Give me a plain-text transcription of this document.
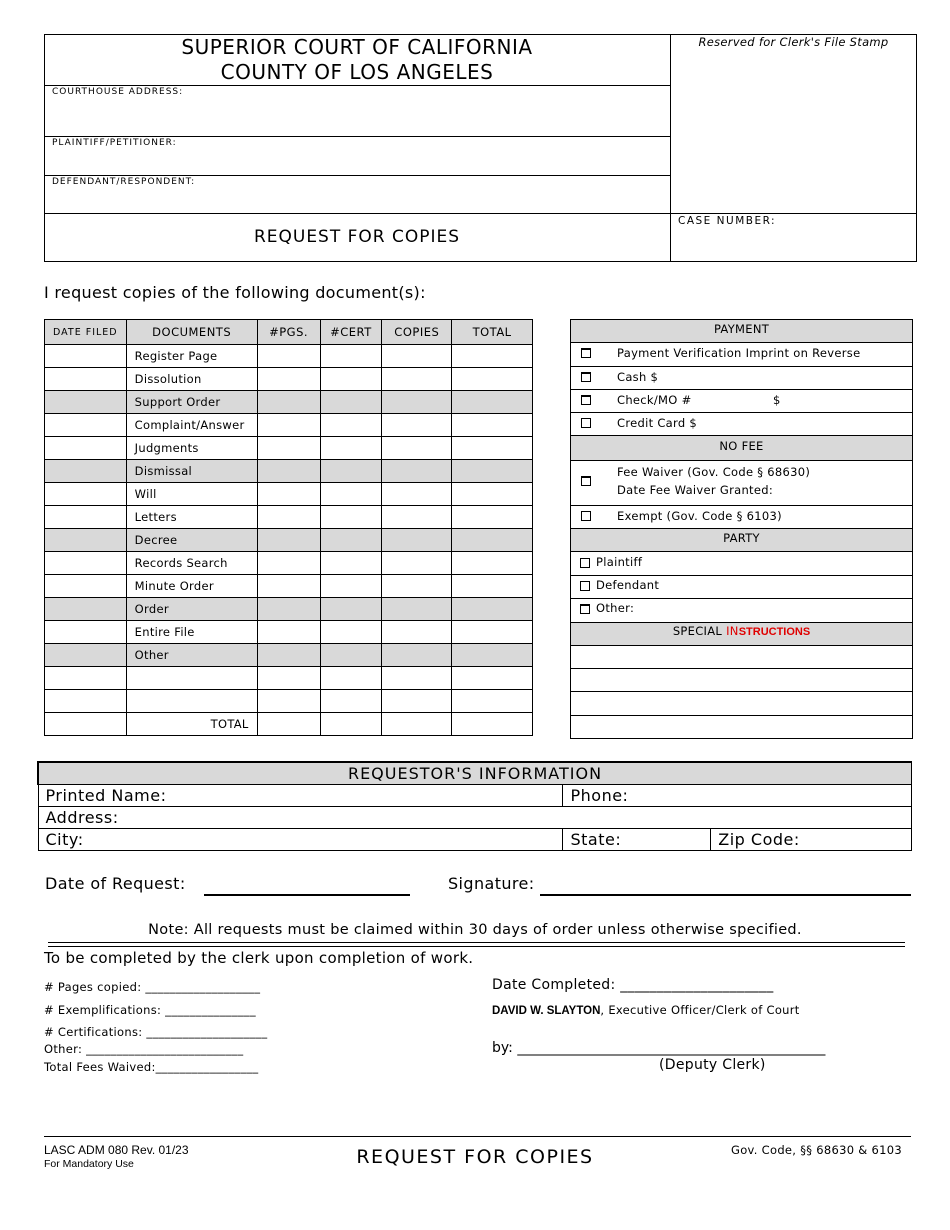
SUPERIOR COURT OF CALIFORNIA
COUNTY OF LOS ANGELES
Reserved for Clerk's File Stamp
COURTHOUSE ADDRESS:
PLAINTIFF/PETITIONER:
DEFENDANT/RESPONDENT:
REQUEST FOR COPIES
CASE NUMBER:
I request copies of the following document(s):
DATE FILED	DOCUMENTS	#PGS.	#CERT	COPIES	TOTAL
	Register Page				
	Dissolution				
	Support Order				
	Complaint/Answer				
	Judgments				
	Dismissal				
	Will				
	Letters				
	Decree				
	Records Search				
	Minute Order				
	Order				
	Entire File				
	Other				

	TOTAL				
PAYMENT
Payment Verification Imprint on Reverse
Cash $
Check/MO #	$
Credit Card $
NO FEE
Fee Waiver (Gov. Code § 68630)
Date Fee Waiver Granted:
Exempt (Gov. Code § 6103)
PARTY
Plaintiff
Defendant
Other:
SPECIAL INSTRUCTIONS
REQUESTOR'S INFORMATION		
Printed Name:	Phone:	
Address:		
City:	State:	Zip Code:
Date of Request:	Signature:
Note: All requests must be claimed within 30 days of order unless otherwise specified.
To be completed by the clerk upon completion of work.
# Pages copied: ___________________
# Exemplifications: _______________
# Certifications: ____________________
Other: __________________________
Total Fees Waived:_________________
Date Completed: _____________________
DAVID W. SLAYTON, Executive Officer/Clerk of Court
by: ____________________________________________
(Deputy Clerk)
LASC ADM 080 Rev. 01/23
For Mandatory Use	REQUEST FOR COPIES	Gov. Code, §§ 68630 & 6103
